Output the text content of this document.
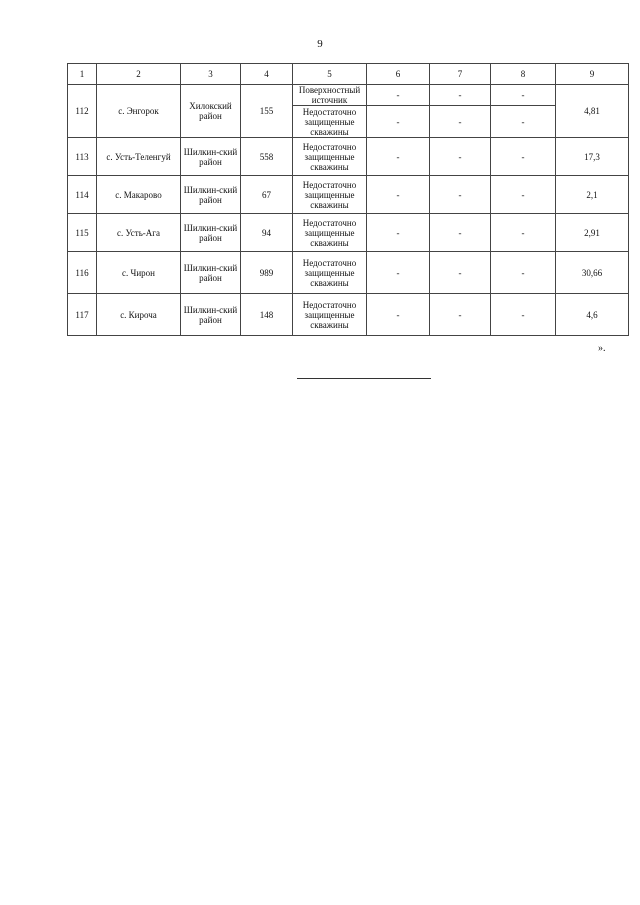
9
1	2	3	4	5	6	7	8	9
112	с. Энгорок	Хилокский район	155	Поверхностный источник	-	-	-	4,81
				Недостаточно защищенные скважины	-	-	-	
113	с. Усть-Теленгуй	Шилкин-ский район	558	Недостаточно защищенные скважины	-	-	-	17,3
114	с. Макарово	Шилкин-ский район	67	Недостаточно защищенные скважины	-	-	-	2,1
115	с. Усть-Ага	Шилкин-ский район	94	Недостаточно защищенные скважины	-	-	-	2,91
116	с. Чирон	Шилкин-ский район	989	Недостаточно защищенные скважины	-	-	-	30,66
117	с. Кироча	Шилкин-ский район	148	Недостаточно защищенные скважины	-	-	-	4,6
».
